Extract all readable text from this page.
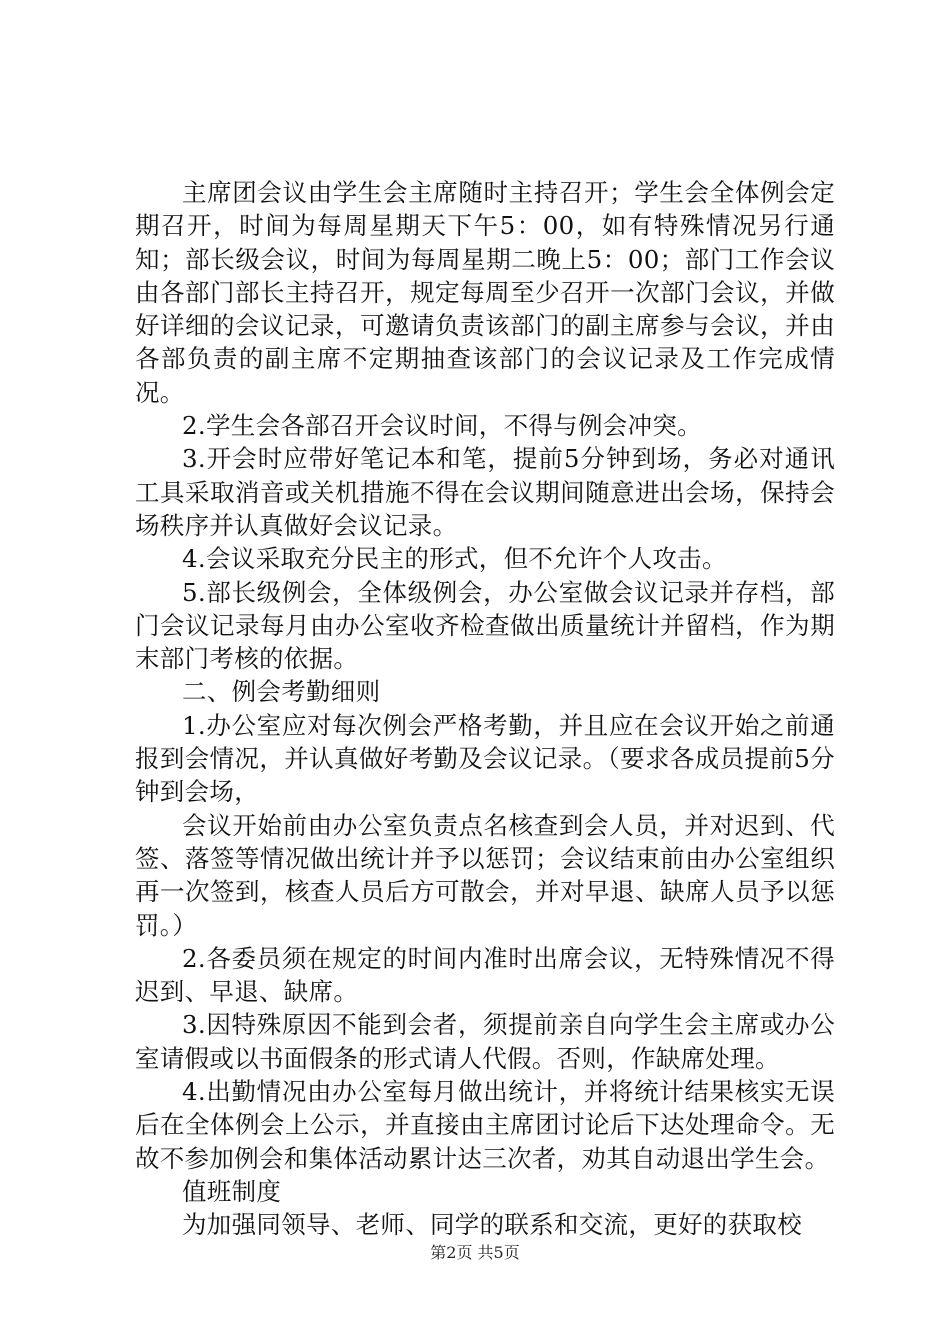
主席团会议由学生会主席随时主持召开；学生会全体例会定期召开，时间为每周星期天下午5：00，如有特殊情况另行通知；部长级会议，时间为每周星期二晚上5：00；部门工作会议由各部门部长主持召开，规定每周至少召开一次部门会议，并做好详细的会议记录，可邀请负责该部门的副主席参与会议，并由各部负责的副主席不定期抽查该部门的会议记录及工作完成情况。

2.学生会各部召开会议时间，不得与例会冲突。

3.开会时应带好笔记本和笔，提前5分钟到场，务必对通讯工具采取消音或关机措施不得在会议期间随意进出会场，保持会场秩序并认真做好会议记录。

4.会议采取充分民主的形式，但不允许个人攻击。

5.部长级例会，全体级例会，办公室做会议记录并存档，部门会议记录每月由办公室收齐检查做出质量统计并留档，作为期末部门考核的依据。

二、例会考勤细则

1.办公室应对每次例会严格考勤，并且应在会议开始之前通报到会情况，并认真做好考勤及会议记录。（要求各成员提前5分钟到会场，

会议开始前由办公室负责点名核查到会人员，并对迟到、代签、落签等情况做出统计并予以惩罚；会议结束前由办公室组织再一次签到，核查人员后方可散会，并对早退、缺席人员予以惩罚。）

2.各委员须在规定的时间内准时出席会议，无特殊情况不得迟到、早退、缺席。

3.因特殊原因不能到会者，须提前亲自向学生会主席或办公室请假或以书面假条的形式请人代假。否则，作缺席处理。

4.出勤情况由办公室每月做出统计，并将统计结果核实无误后在全体例会上公示，并直接由主席团讨论后下达处理命令。无故不参加例会和集体活动累计达三次者，劝其自动退出学生会。

值班制度

为加强同领导、老师、同学的联系和交流，更好的获取校

第2页 共5页
